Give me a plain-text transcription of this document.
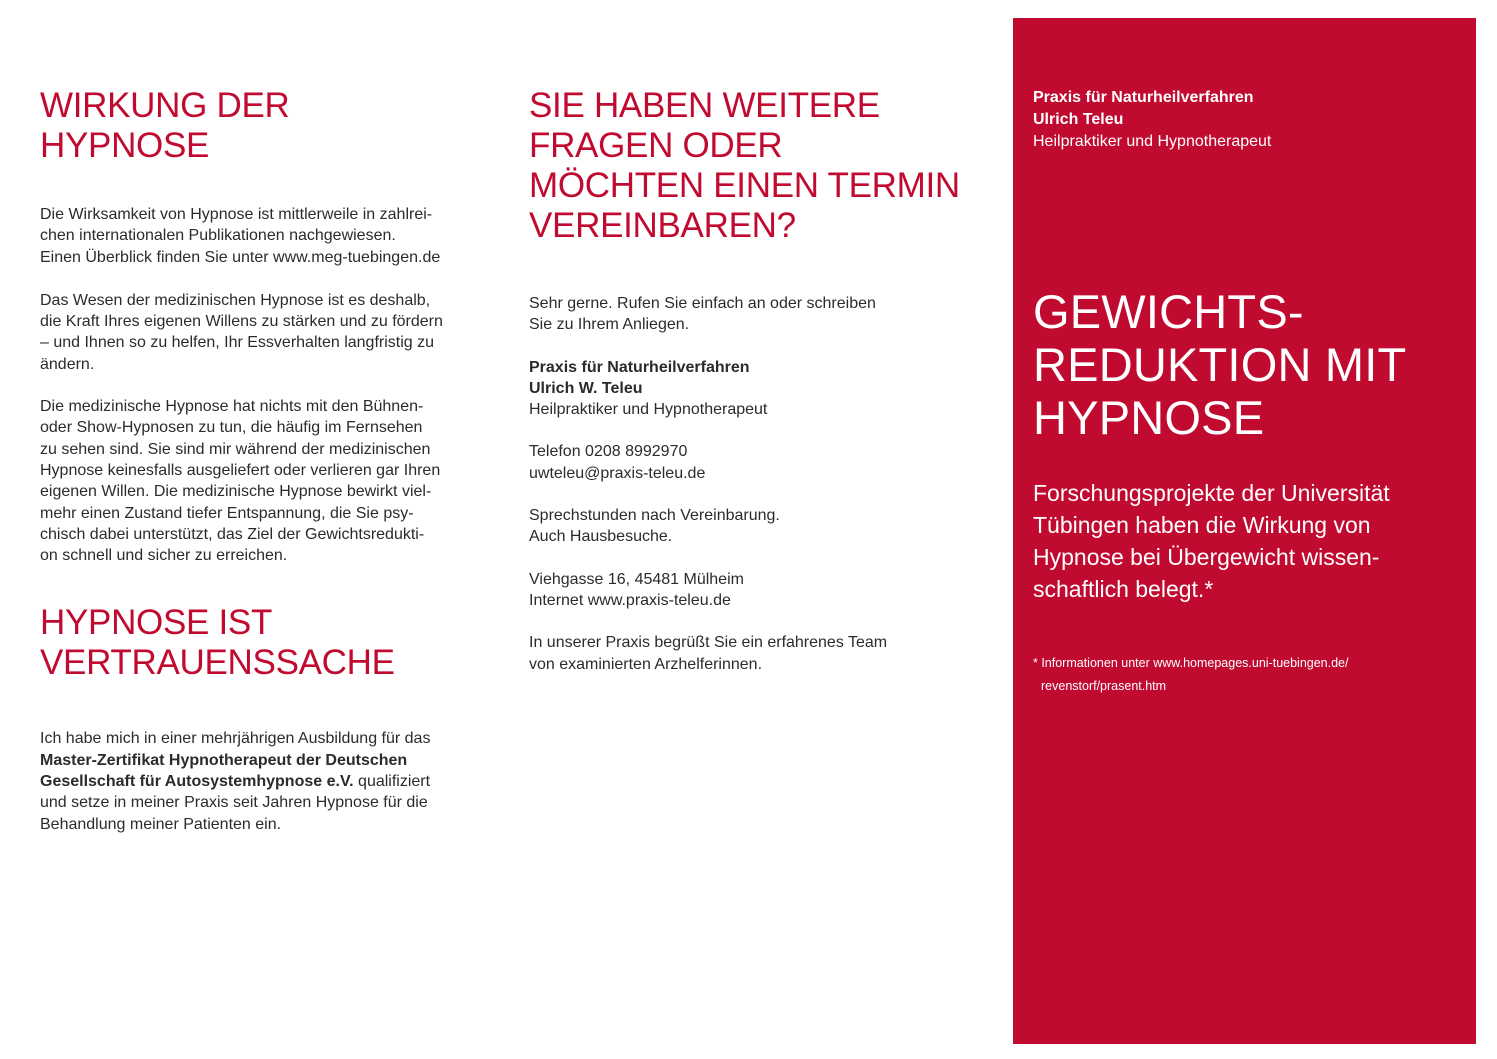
WIRKUNG DER
HYPNOSE

Die Wirksamkeit von Hypnose ist mittlerweile in zahlrei-
chen internationalen Publikationen nachgewiesen.
Einen Überblick finden Sie unter www.meg-tuebingen.de

Das Wesen der medizinischen Hypnose ist es deshalb,
die Kraft Ihres eigenen Willens zu stärken und zu fördern
– und Ihnen so zu helfen, Ihr Essverhalten langfristig zu
ändern.

Die medizinische Hypnose hat nichts mit den Bühnen-
oder Show-Hypnosen zu tun, die häufig im Fernsehen
zu sehen sind. Sie sind mir während der medizinischen
Hypnose keinesfalls ausgeliefert oder verlieren gar Ihren
eigenen Willen. Die medizinische Hypnose bewirkt viel-
mehr einen Zustand tiefer Entspannung, die Sie psy-
chisch dabei unterstützt, das Ziel der Gewichtsredukti-
on schnell und sicher zu erreichen.

HYPNOSE IST
VERTRAUENSSACHE

Ich habe mich in einer mehrjährigen Ausbildung für das
Master-Zertifikat Hypnotherapeut der Deutschen
Gesellschaft für Autosystemhypnose e.V. qualifiziert
und setze in meiner Praxis seit Jahren Hypnose für die
Behandlung meiner Patienten ein.

SIE HABEN WEITERE
FRAGEN ODER
MÖCHTEN EINEN TERMIN
VEREINBAREN?

Sehr gerne. Rufen Sie einfach an oder schreiben
Sie zu Ihrem Anliegen.

Praxis für Naturheilverfahren
Ulrich W. Teleu
Heilpraktiker und Hypnotherapeut

Telefon 0208 8992970
uwteleu@praxis-teleu.de

Sprechstunden nach Vereinbarung.
Auch Hausbesuche.

Viehgasse 16, 45481 Mülheim
Internet www.praxis-teleu.de

In unserer Praxis begrüßt Sie ein erfahrenes Team
von examinierten Arzhelferinnen.

Praxis für Naturheilverfahren
Ulrich Teleu
Heilpraktiker und Hypnotherapeut
GEWICHTS-
REDUKTION MIT
HYPNOSE
Forschungsprojekte der Universität
Tübingen haben die Wirkung von
Hypnose bei Übergewicht wissen-
schaftlich belegt.*
* Informationen unter www.homepages.uni-tuebingen.de/
revenstorf/prasent.htm
